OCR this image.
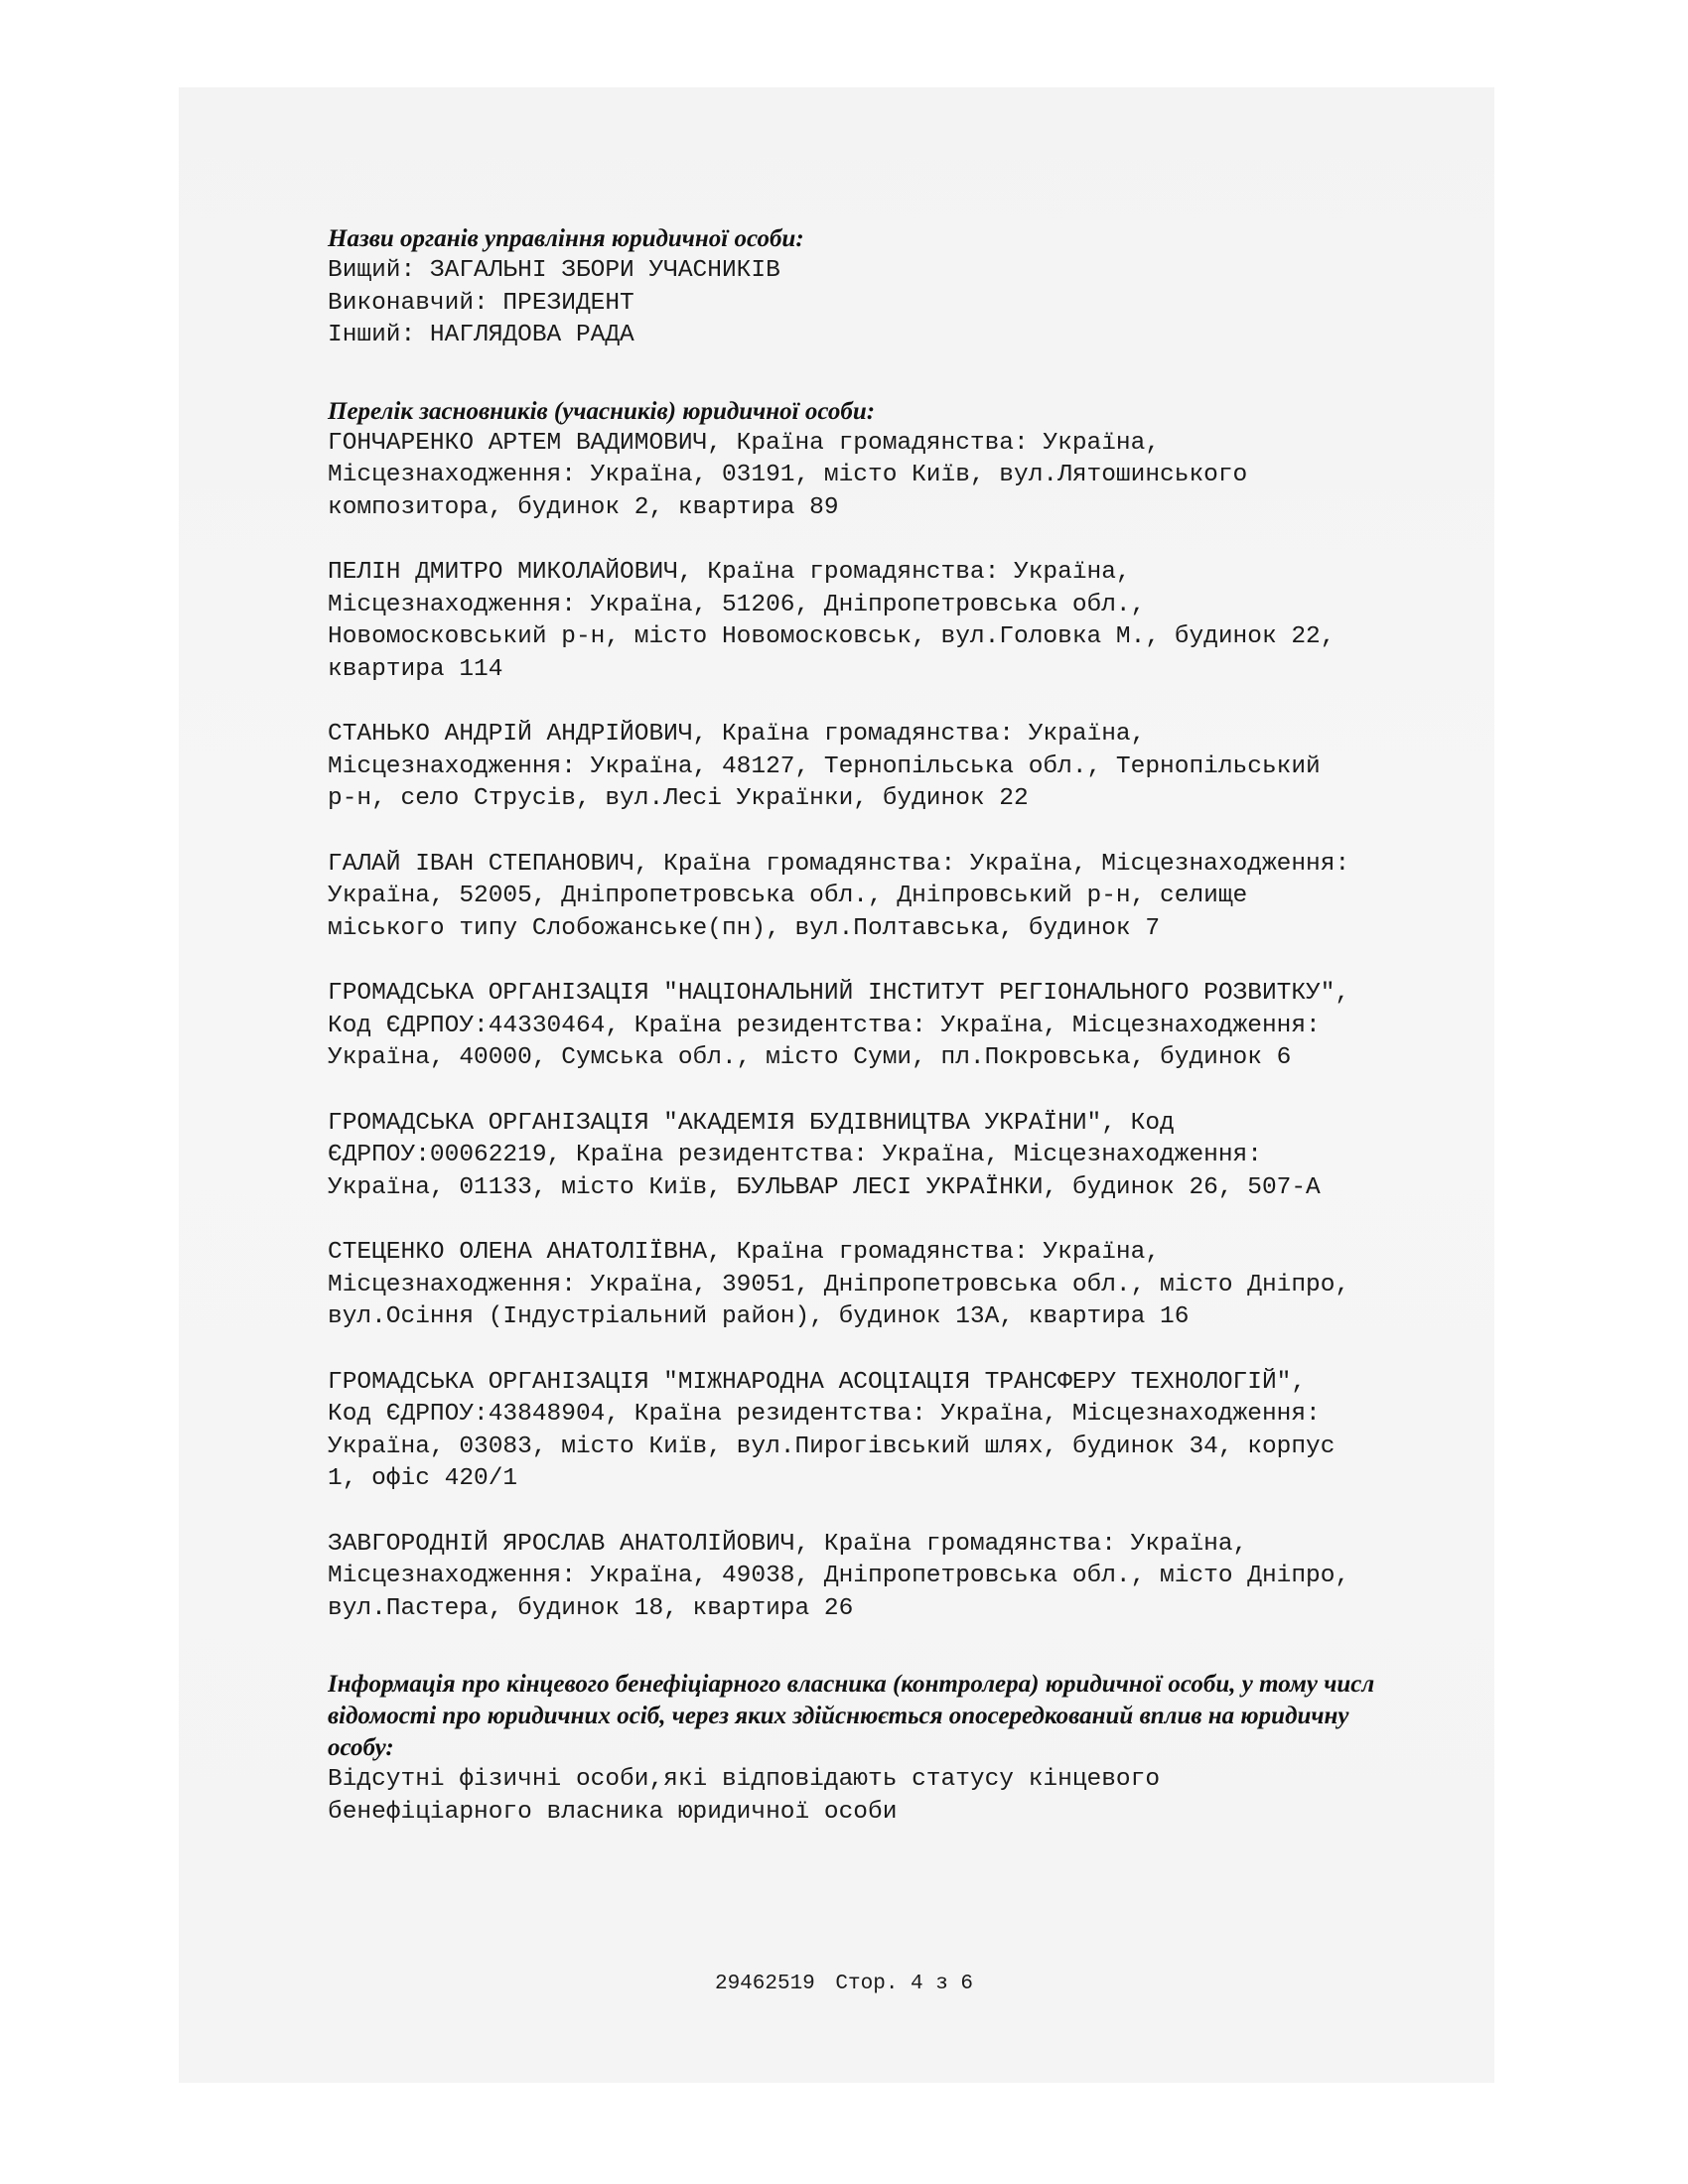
Назви органів управління юридичної особи:

Вищий: ЗАГАЛЬНІ ЗБОРИ УЧАСНИКІВ

Виконавчий: ПРЕЗИДЕНТ

Інший: НАГЛЯДОВА РАДА

Перелік засновників (учасників) юридичної особи:

ГОНЧАРЕНКО АРТЕМ ВАДИМОВИЧ, Країна громадянства: Україна,

Місцезнаходження: Україна, 03191, місто Київ, вул.Лятошинського

композитора, будинок 2, квартира 89

ПЕЛІН ДМИТРО МИКОЛАЙОВИЧ, Країна громадянства: Україна,

Місцезнаходження: Україна, 51206, Дніпропетровська обл.,

Новомосковський р-н, місто Новомосковськ, вул.Головка М., будинок 22,

квартира 114

СТАНЬКО АНДРІЙ АНДРІЙОВИЧ, Країна громадянства: Україна,

Місцезнаходження: Україна, 48127, Тернопільська обл., Тернопільський

р-н, село Струсів, вул.Лесі Українки, будинок 22

ГАЛАЙ ІВАН СТЕПАНОВИЧ, Країна громадянства: Україна, Місцезнаходження:

Україна, 52005, Дніпропетровська обл., Дніпровський р-н, селище

міського типу Слобожанське(пн), вул.Полтавська, будинок 7

ГРОМАДСЬКА ОРГАНІЗАЦІЯ "НАЦІОНАЛЬНИЙ ІНСТИТУТ РЕГІОНАЛЬНОГО РОЗВИТКУ",

Код ЄДРПОУ:44330464, Країна резидентства: Україна, Місцезнаходження:

Україна, 40000, Сумська обл., місто Суми, пл.Покровська, будинок 6

ГРОМАДСЬКА ОРГАНІЗАЦІЯ "АКАДЕМІЯ БУДІВНИЦТВА УКРАЇНИ", Код

ЄДРПОУ:00062219, Країна резидентства: Україна, Місцезнаходження:

Україна, 01133, місто Київ, БУЛЬВАР ЛЕСІ УКРАЇНКИ, будинок 26, 507-А

СТЕЦЕНКО ОЛЕНА АНАТОЛІЇВНА, Країна громадянства: Україна,

Місцезнаходження: Україна, 39051, Дніпропетровська обл., місто Дніпро,

вул.Осіння (Індустріальний район), будинок 13А, квартира 16

ГРОМАДСЬКА ОРГАНІЗАЦІЯ "МІЖНАРОДНА АСОЦІАЦІЯ ТРАНСФЕРУ ТЕХНОЛОГІЙ",

Код ЄДРПОУ:43848904, Країна резидентства: Україна, Місцезнаходження:

Україна, 03083, місто Київ, вул.Пирогівський шлях, будинок 34, корпус

1, офіс 420/1

ЗАВГОРОДНІЙ ЯРОСЛАВ АНАТОЛІЙОВИЧ, Країна громадянства: Україна,

Місцезнаходження: Україна, 49038, Дніпропетровська обл., місто Дніпро,

вул.Пастера, будинок 18, квартира 26

Інформація про кінцевого бенефіціарного власника (контролера) юридичної особи, у тому числ

відомості про юридичних осіб, через яких здійснюється опосередкований вплив на юридичну

особу:

Відсутні фізичні особи,які відповідають статусу кінцевого

бенефіціарного власника юридичної особи

29462519 Стор. 4 з 6
